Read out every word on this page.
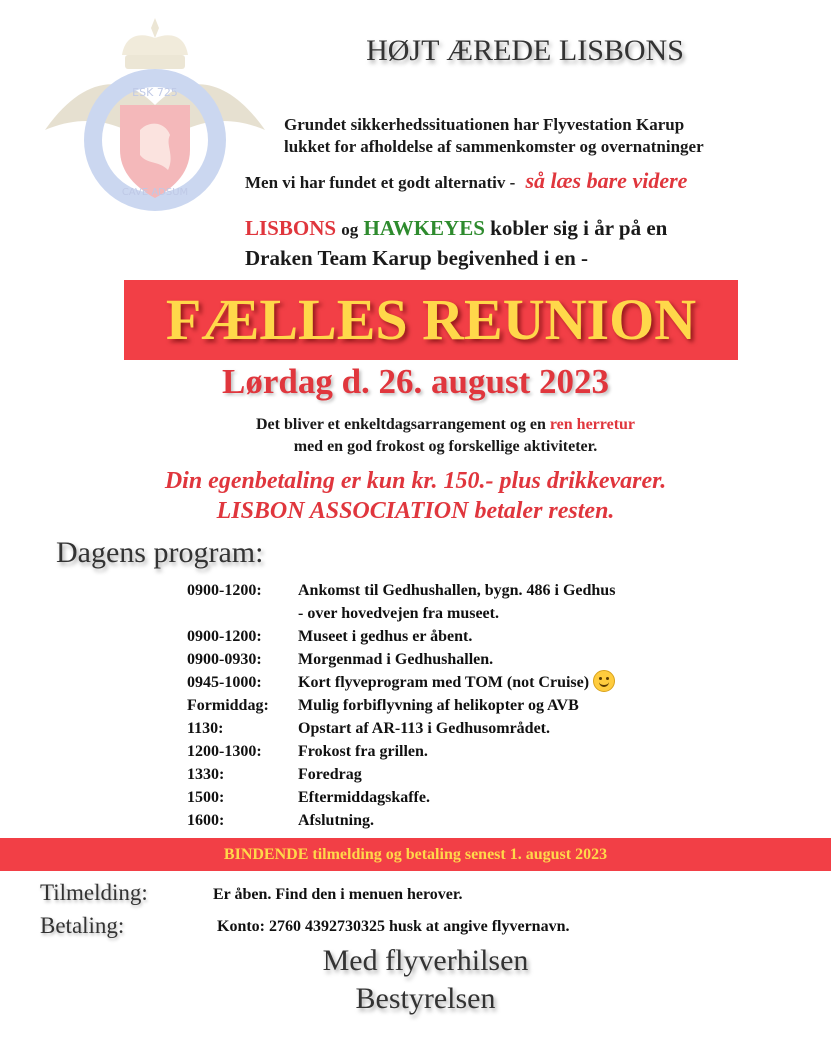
ESK 725
CAVE ADSUM
HØJT ÆREDE LISBONS
Grundet sikkerhedssituationen har Flyvestation Karup
lukket for afholdelse af sammenkomster og overnatninger
Men vi har fundet et godt alternativ - så læs bare videre
LISBONS og HAWKEYES kobler sig i år på en
Draken Team Karup begivenhed i en -
FÆLLES REUNION
Lørdag d. 26. august 2023
Det bliver et enkeltdagsarrangement og en ren herretur
med en god frokost og forskellige aktiviteter.
Din egenbetaling er kun kr. 150.- plus drikkevarer.
LISBON ASSOCIATION betaler resten.
Dagens program:
0900-1200:	Ankomst til Gedhushallen, bygn. 486 i Gedhus
- over hovedvejen fra museet.
0900-1200:	Museet i gedhus er åbent.
0900-0930:	Morgenmad i Gedhushallen.
0945-1000:	Kort flyveprogram med TOM (not Cruise)
Formiddag:	Mulig forbiflyvning af helikopter og AVB
1130:	Opstart af AR-113 i Gedhusområdet.
1200-1300:	Frokost fra grillen.
1330:	Foredrag
1500:	Eftermiddagskaffe.
1600:	Afslutning.
BINDENDE tilmelding og betaling senest 1. august 2023
Tilmelding:	Er åben. Find den i menuen herover.
Betaling:	Konto: 2760 4392730325 husk at angive flyvernavn.
Med flyverhilsen
Bestyrelsen
